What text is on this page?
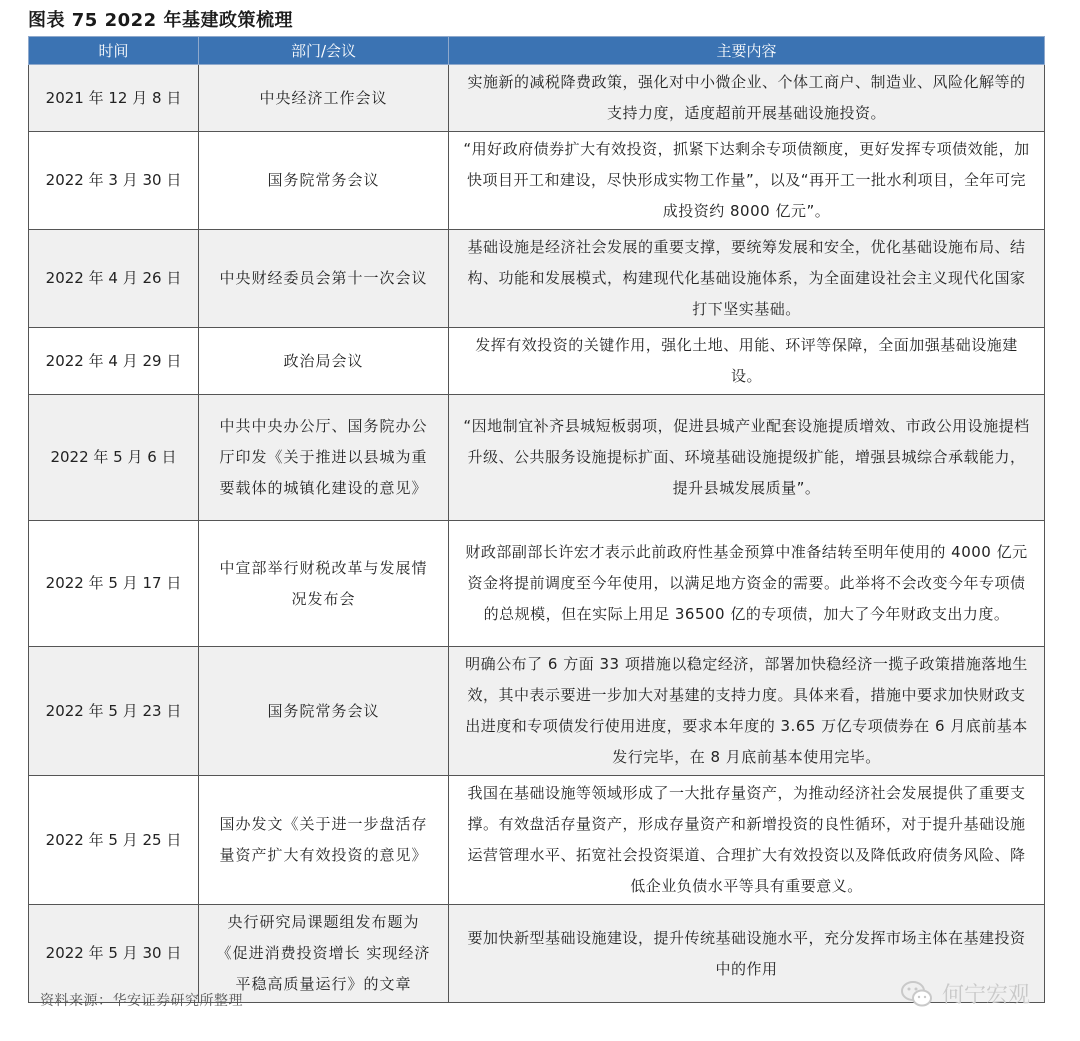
图表 75 2022 年基建政策梳理
时间	部门/会议	主要内容
2021 年 12 月 8 日	中央经济工作会议	实施新的减税降费政策，强化对中小微企业、个体工商户、制造业、风险化解等的支持力度，适度超前开展基础设施投资。
2022 年 3 月 30 日	国务院常务会议	“用好政府债券扩大有效投资，抓紧下达剩余专项债额度，更好发挥专项债效能，加快项目开工和建设，尽快形成实物工作量”，以及“再开工一批水利项目，全年可完成投资约 8000 亿元”。
2022 年 4 月 26 日	中央财经委员会第十一次会议	基础设施是经济社会发展的重要支撑，要统筹发展和安全，优化基础设施布局、结构、功能和发展模式，构建现代化基础设施体系，为全面建设社会主义现代化国家打下坚实基础。
2022 年 4 月 29 日	政治局会议	发挥有效投资的关键作用，强化土地、用能、环评等保障，全面加强基础设施建设。
2022 年 5 月 6 日	中共中央办公厅、国务院办公厅印发《关于推进以县城为重要载体的城镇化建设的意见》	“因地制宜补齐县城短板弱项，促进县城产业配套设施提质增效、市政公用设施提档升级、公共服务设施提标扩面、环境基础设施提级扩能，增强县城综合承载能力，提升县城发展质量”。
2022 年 5 月 17 日	中宣部举行财税改革与发展情况发布会	财政部副部长许宏才表示此前政府性基金预算中准备结转至明年使用的 4000 亿元资金将提前调度至今年使用，以满足地方资金的需要。此举将不会改变今年专项债的总规模，但在实际上用足 36500 亿的专项债，加大了今年财政支出力度。
2022 年 5 月 23 日	国务院常务会议	明确公布了 6 方面 33 项措施以稳定经济，部署加快稳经济一揽子政策措施落地生效，其中表示要进一步加大对基建的支持力度。具体来看，措施中要求加快财政支出进度和专项债发行使用进度，要求本年度的 3.65 万亿专项债券在 6 月底前基本发行完毕，在 8 月底前基本使用完毕。
2022 年 5 月 25 日	国办发文《关于进一步盘活存量资产扩大有效投资的意见》	我国在基础设施等领域形成了一大批存量资产，为推动经济社会发展提供了重要支撑。有效盘活存量资产，形成存量资产和新增投资的良性循环，对于提升基础设施运营管理水平、拓宽社会投资渠道、合理扩大有效投资以及降低政府债务风险、降低企业负债水平等具有重要意义。
2022 年 5 月 30 日	央行研究局课题组发布题为《促进消费投资增长 实现经济平稳高质量运行》的文章	要加快新型基础设施建设，提升传统基础设施水平，充分发挥市场主体在基建投资中的作用
资料来源：华安证券研究所整理	何宁宏观
